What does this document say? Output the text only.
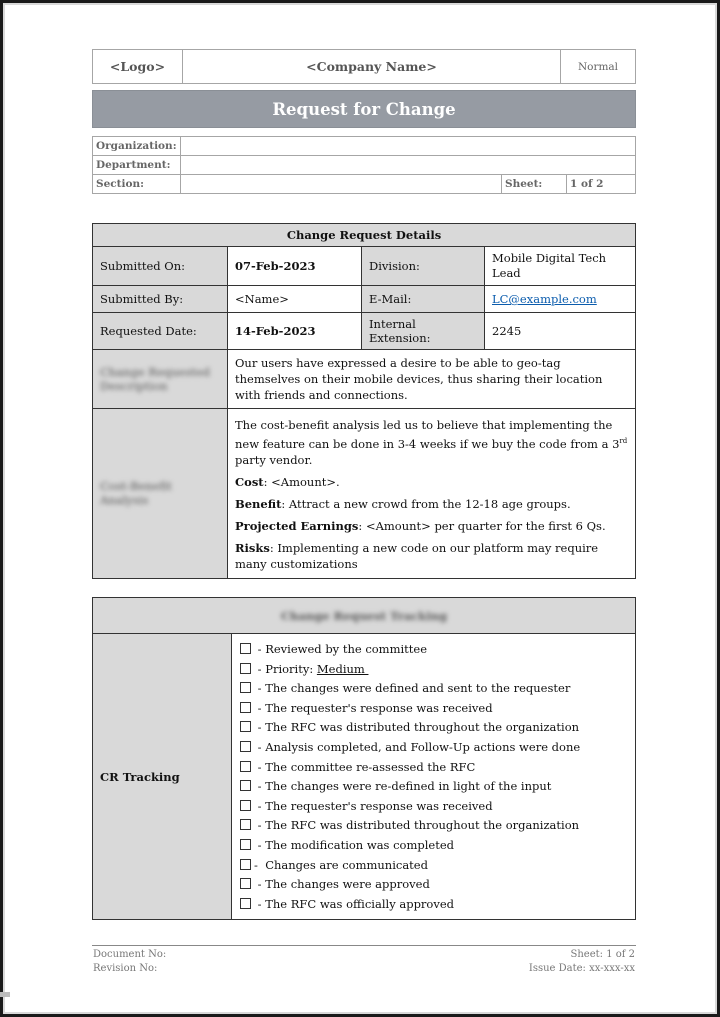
<Logo>	<Company Name>	Normal
Request for Change
Organization:			
Department:			
Section:		Sheet:	1 of 2
Change Request Details			
Submitted On:	07-Feb-2023	Division:	Mobile Digital Tech Lead
Submitted By:	<Name>	E-Mail:	LC@example.com
Requested Date:	14-Feb-2023	Internal Extension:	2245
Change Requested Description	Our users have expressed a desire to be able to geo-tag themselves on their mobile devices, thus sharing their location with friends and connections.		
Cost-Benefit Analysis	The cost-benefit analysis led us to believe that implementing the new feature can be done in 3-4 weeks if we buy the code from a 3rd party vendor.

Cost: <Amount>.

Benefit: Attract a new crowd from the 12-18 age groups.

Projected Earnings: <Amount> per quarter for the first 6 Qs.

Risks: Implementing a new code on our platform may require many customizations		

Change Request Tracking
CR Tracking	
- Reviewed by the committee
- Priority: Medium
- The changes were defined and sent to the requester
- The requester's response was received
- The RFC was distributed throughout the organization
- Analysis completed, and Follow-Up actions were done
- The committee re-assessed the RFC
- The changes were re-defined in light of the input
- The requester's response was received
- The RFC was distributed throughout the organization
- The modification was completed
-  Changes are communicated
- The changes were approved
- The RFC was officially approved
Document No:
Revision No:
Sheet: 1 of 2
Issue Date: xx-xxx-xx
